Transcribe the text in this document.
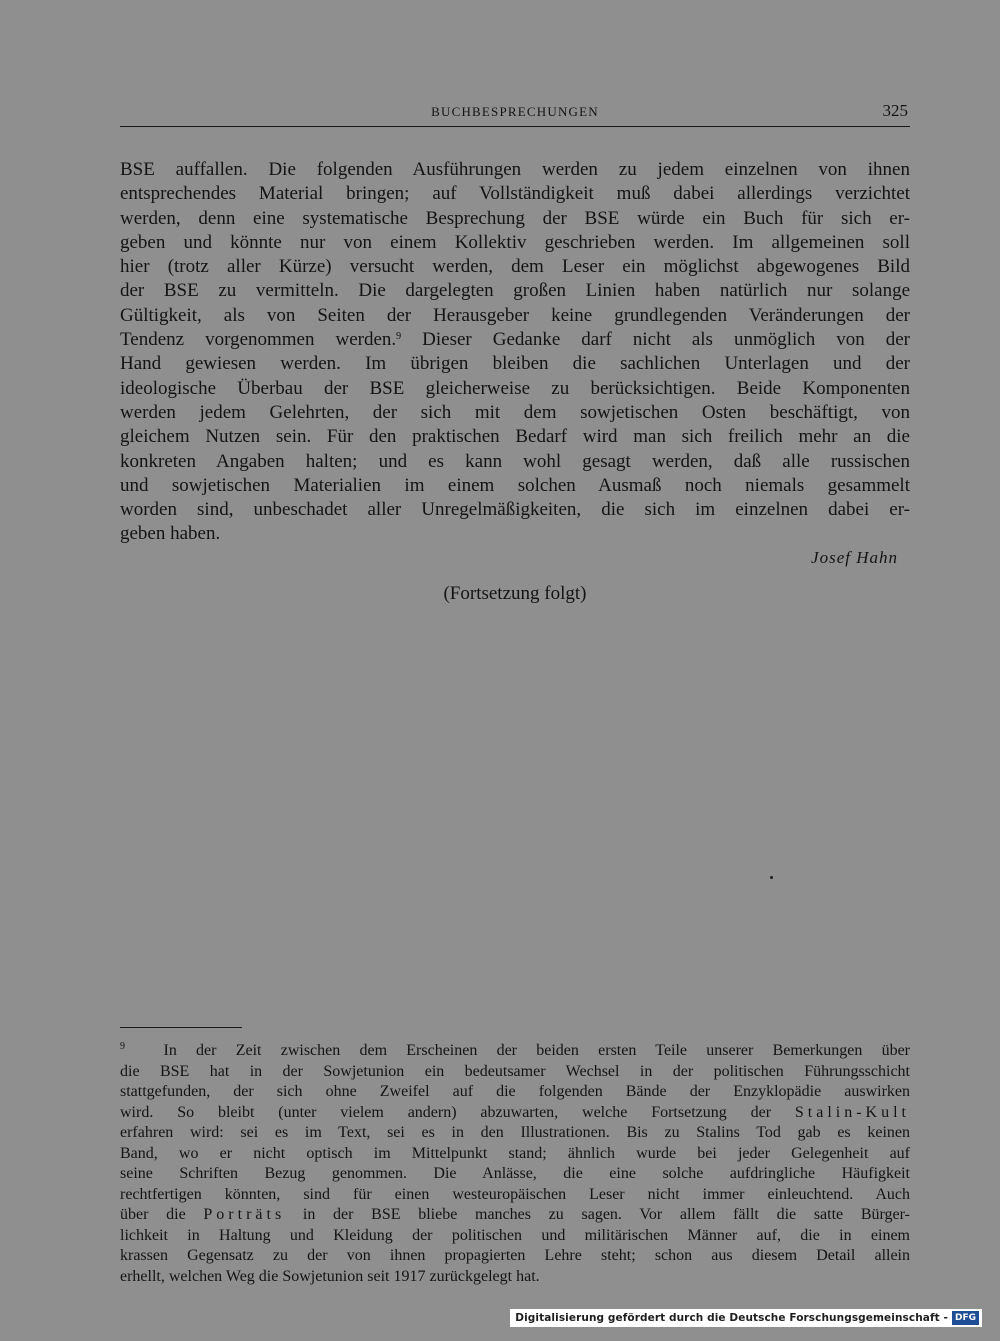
BUCHBESPRECHUNGEN	325
BSE auffallen. Die folgenden Ausführungen werden zu jedem einzelnen von ihnen
entsprechendes Material bringen; auf Vollständigkeit muß dabei allerdings verzichtet
werden, denn eine systematische Besprechung der BSE würde ein Buch für sich er-
geben und könnte nur von einem Kollektiv geschrieben werden. Im allgemeinen soll
hier (trotz aller Kürze) versucht werden, dem Leser ein möglichst abgewogenes Bild
der BSE zu vermitteln. Die dargelegten großen Linien haben natürlich nur solange
Gültigkeit, als von Seiten der Herausgeber keine grundlegenden Veränderungen der
Tendenz vorgenommen werden.$^9$ Dieser Gedanke darf nicht als unmöglich von der
Hand gewiesen werden. Im übrigen bleiben die sachlichen Unterlagen und der
ideologische Überbau der BSE gleicherweise zu berücksichtigen. Beide Komponenten
werden jedem Gelehrten, der sich mit dem sowjetischen Osten beschäftigt, von
gleichem Nutzen sein. Für den praktischen Bedarf wird man sich freilich mehr an die
konkreten Angaben halten; und es kann wohl gesagt werden, daß alle russischen
und sowjetischen Materialien im einem solchen Ausmaß noch niemals gesammelt
worden sind, unbeschadet aller Unregelmäßigkeiten, die sich im einzelnen dabei er-
geben haben.
Josef Hahn
(Fortsetzung folgt)
$^9$ In der Zeit zwischen dem Erscheinen der beiden ersten Teile unserer Bemerkungen über
die BSE hat in der Sowjetunion ein bedeutsamer Wechsel in der politischen Führungsschicht
stattgefunden, der sich ohne Zweifel auf die folgenden Bände der Enzyklopädie auswirken
wird. So bleibt (unter vielem andern) abzuwarten, welche Fortsetzung der Stalin-Kult
erfahren wird: sei es im Text, sei es in den Illustrationen. Bis zu Stalins Tod gab es keinen
Band, wo er nicht optisch im Mittelpunkt stand; ähnlich wurde bei jeder Gelegenheit auf
seine Schriften Bezug genommen. Die Anlässe, die eine solche aufdringliche Häufigkeit
rechtfertigen könnten, sind für einen westeuropäischen Leser nicht immer einleuchtend. Auch
über die Porträts in der BSE bliebe manches zu sagen. Vor allem fällt die satte Bürger-
lichkeit in Haltung und Kleidung der politischen und militärischen Männer auf, die in einem
krassen Gegensatz zu der von ihnen propagierten Lehre steht; schon aus diesem Detail allein
erhellt, welchen Weg die Sowjetunion seit 1917 zurückgelegt hat.
Digitalisierung gefördert durch die Deutsche Forschungsgemeinschaft - DFG
